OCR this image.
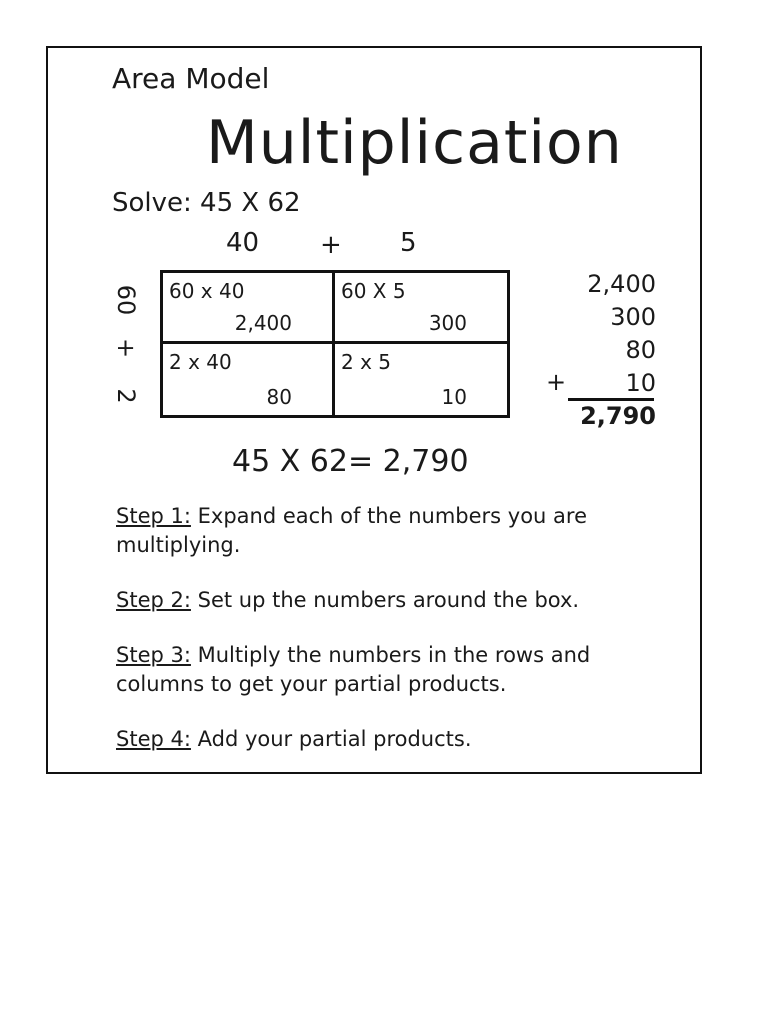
Area Model
Multiplication
Solve: 45 X 62
40 + 5
60
+
2
60 x 40
2,400
60 X 5
300
2 x 40
80
2 x 5
10
2,400
300
80
10
+
2,790
45 X 62= 2,790

Step 1: Expand each of the numbers you are multiplying.

Step 2: Set up the numbers around the box.

Step 3: Multiply the numbers in the rows and columns to get your partial products.

Step 4: Add your partial products.
